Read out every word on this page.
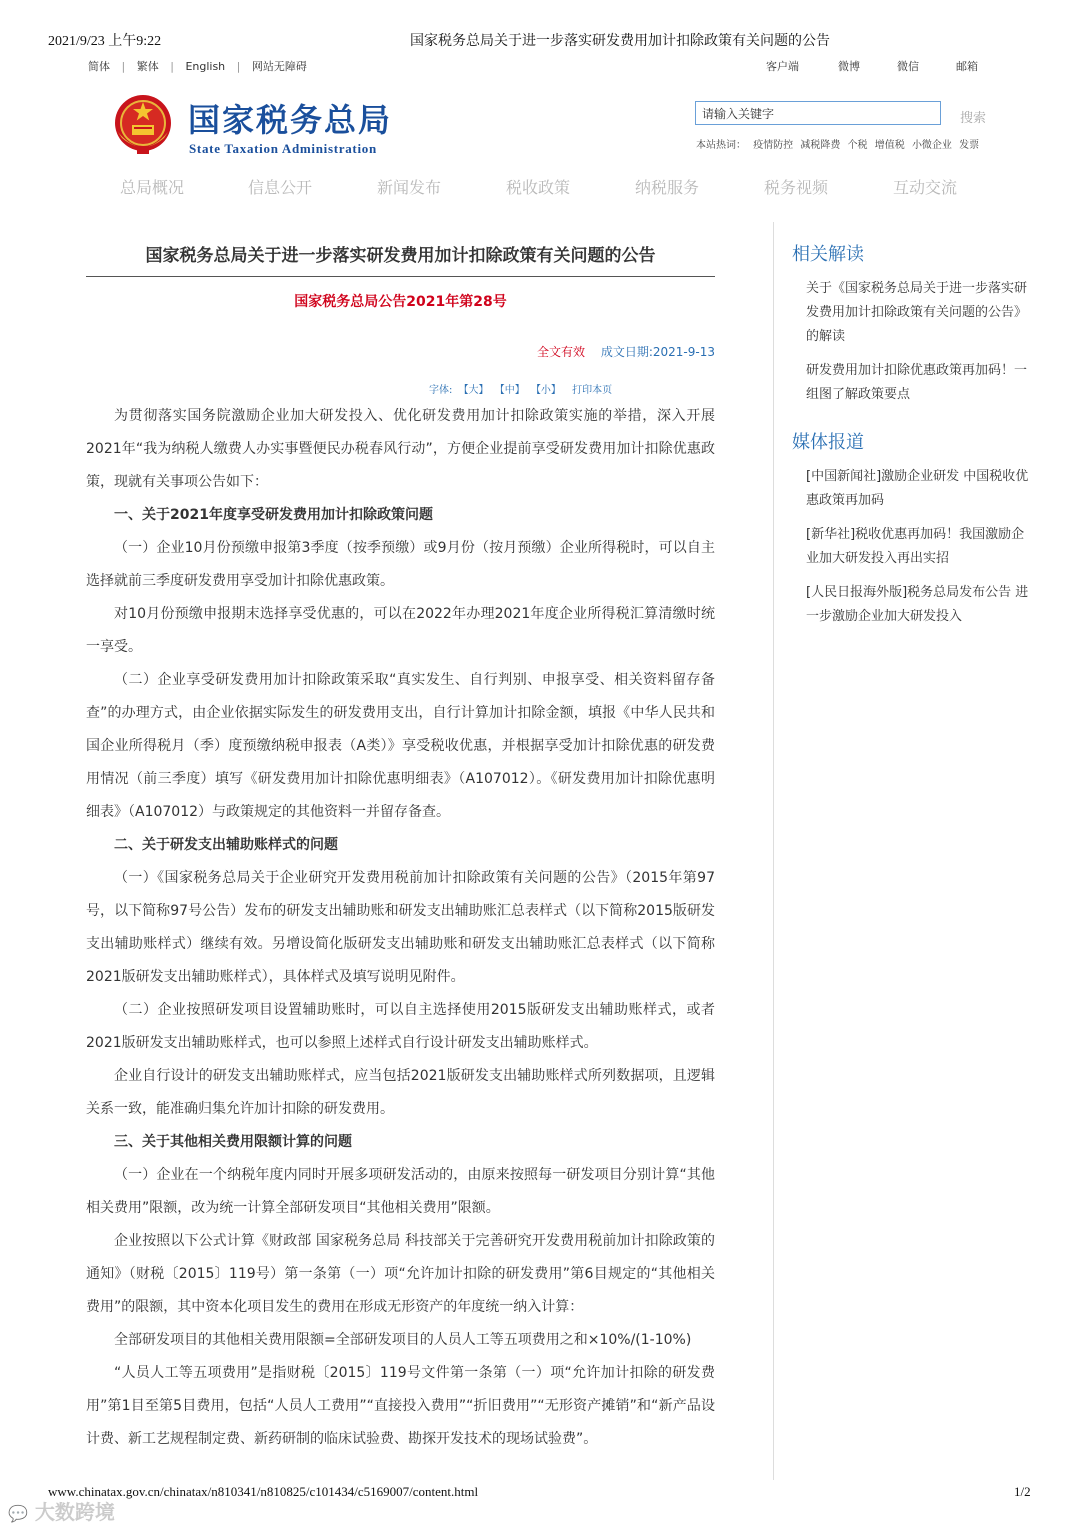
2021/9/23 上午9:22	国家税务总局关于进一步落实研发费用加计扣除政策有关问题的公告
简体 | 繁体 | English | 网站无障碍	客户端	微博	微信	邮箱
国家税务总局
State Taxation Administration
请输入关键字
搜索
本站热词： 疫情防控 减税降费 个税 增值税 小微企业 发票
总局概况	信息公开	新闻发布	税收政策	纳税服务	税务视频	互动交流
国家税务总局关于进一步落实研发费用加计扣除政策有关问题的公告
国家税务总局公告2021年第28号
全文有效 成文日期:2021-9-13
字体: 【大】 【中】 【小】 打印本页

为贯彻落实国务院激励企业加大研发投入、优化研发费用加计扣除政策实施的举措，深入开展2021年“我为纳税人缴费人办实事暨便民办税春风行动”，方便企业提前享受研发费用加计扣除优惠政策，现就有关事项公告如下：

一、关于2021年度享受研发费用加计扣除政策问题

（一）企业10月份预缴申报第3季度（按季预缴）或9月份（按月预缴）企业所得税时，可以自主选择就前三季度研发费用享受加计扣除优惠政策。

对10月份预缴申报期末选择享受优惠的，可以在2022年办理2021年度企业所得税汇算清缴时统一享受。

（二）企业享受研发费用加计扣除政策采取“真实发生、自行判别、申报享受、相关资料留存备查”的办理方式，由企业依据实际发生的研发费用支出，自行计算加计扣除金额，填报《中华人民共和国企业所得税月（季）度预缴纳税申报表（A类）》享受税收优惠，并根据享受加计扣除优惠的研发费用情况（前三季度）填写《研发费用加计扣除优惠明细表》（A107012）。《研发费用加计扣除优惠明细表》（A107012）与政策规定的其他资料一并留存备查。

二、关于研发支出辅助账样式的问题

（一）《国家税务总局关于企业研究开发费用税前加计扣除政策有关问题的公告》（2015年第97号，以下简称97号公告）发布的研发支出辅助账和研发支出辅助账汇总表样式（以下简称2015版研发支出辅助账样式）继续有效。另增设简化版研发支出辅助账和研发支出辅助账汇总表样式（以下简称2021版研发支出辅助账样式），具体样式及填写说明见附件。

（二）企业按照研发项目设置辅助账时，可以自主选择使用2015版研发支出辅助账样式，或者2021版研发支出辅助账样式，也可以参照上述样式自行设计研发支出辅助账样式。

企业自行设计的研发支出辅助账样式，应当包括2021版研发支出辅助账样式所列数据项，且逻辑关系一致，能准确归集允许加计扣除的研发费用。

三、关于其他相关费用限额计算的问题

（一）企业在一个纳税年度内同时开展多项研发活动的，由原来按照每一研发项目分别计算“其他相关费用”限额，改为统一计算全部研发项目“其他相关费用”限额。

企业按照以下公式计算《财政部 国家税务总局 科技部关于完善研究开发费用税前加计扣除政策的通知》（财税〔2015〕119号）第一条第（一）项“允许加计扣除的研发费用”第6目规定的“其他相关费用”的限额，其中资本化项目发生的费用在形成无形资产的年度统一纳入计算：

全部研发项目的其他相关费用限额=全部研发项目的人员人工等五项费用之和×10%/(1-10%)

“人员人工等五项费用”是指财税〔2015〕119号文件第一条第（一）项“允许加计扣除的研发费用”第1目至第5目费用，包括“人员人工费用”“直接投入费用”“折旧费用”“无形资产摊销”和“新产品设计费、新工艺规程制定费、新药研制的临床试验费、勘探开发技术的现场试验费”。

相关解读
关于《国家税务总局关于进一步落实研发费用加计扣除政策有关问题的公告》的解读
研发费用加计扣除优惠政策再加码！一组图了解政策要点
媒体报道
[中国新闻社]激励企业研发 中国税收优惠政策再加码
[新华社]税收优惠再加码！我国激励企业加大研发投入再出实招
[人民日报海外版]税务总局发布公告 进一步激励企业加大研发投入
www.chinatax.gov.cn/chinatax/n810341/n810825/c101434/c5169007/content.html	1/2
💬 大数跨境
